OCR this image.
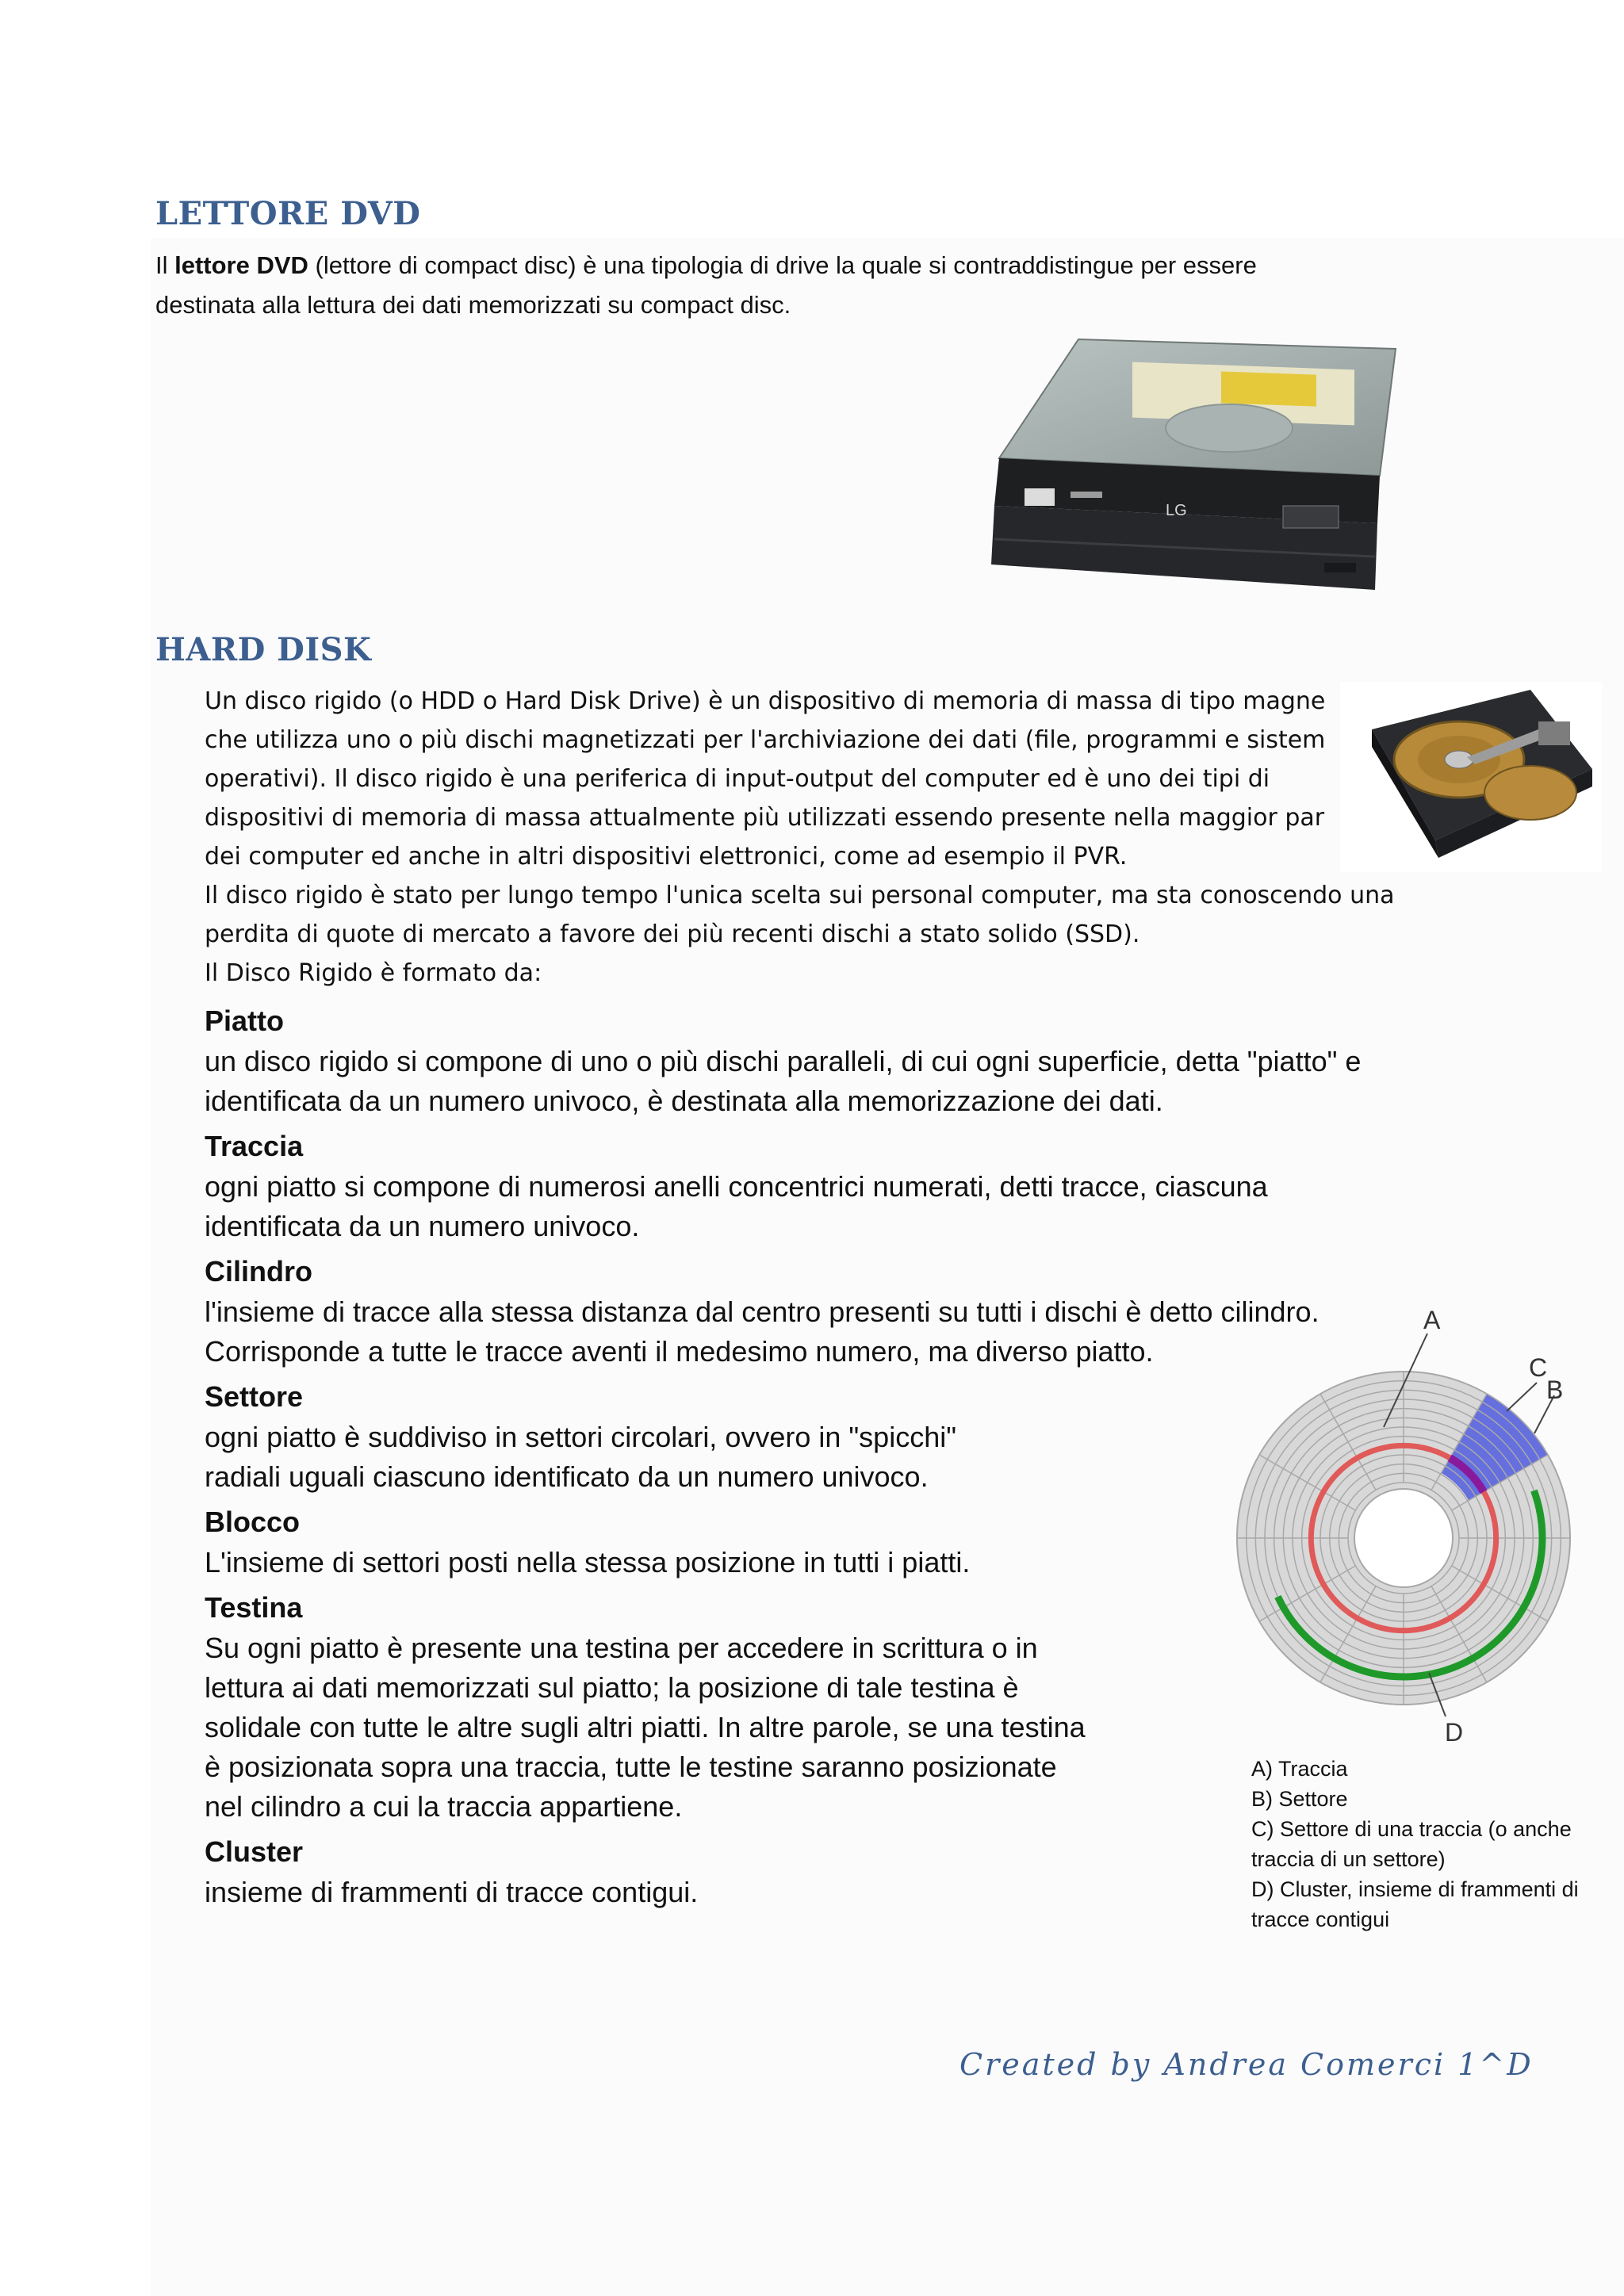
LETTORE DVD

Il lettore DVD (lettore di compact disc) è una tipologia di drive la quale si contraddistingue per essere
destinata alla lettura dei dati memorizzati su compact disc.

LG
HARD DISK
Un disco rigido (o HDD o Hard Disk Drive) è un dispositivo di memoria di massa di tipo magne
che utilizza uno o più dischi magnetizzati per l'archiviazione dei dati (file, programmi e sistem
operativi). Il disco rigido è una periferica di input-output del computer ed è uno dei tipi di
dispositivi di memoria di massa attualmente più utilizzati essendo presente nella maggior par
dei computer ed anche in altri dispositivi elettronici, come ad esempio il PVR.
Il disco rigido è stato per lungo tempo l'unica scelta sui personal computer, ma sta conoscendo una
perdita di quote di mercato a favore dei più recenti dischi a stato solido (SSD).
Il Disco Rigido è formato da:

Piatto

un disco rigido si compone di uno o più dischi paralleli, di cui ogni superficie, detta "piatto" e
identificata da un numero univoco, è destinata alla memorizzazione dei dati.

Traccia

ogni piatto si compone di numerosi anelli concentrici numerati, detti tracce, ciascuna
identificata da un numero univoco.

Cilindro

l'insieme di tracce alla stessa distanza dal centro presenti su tutti i dischi è detto cilindro.
Corrisponde a tutte le tracce aventi il medesimo numero, ma diverso piatto.

Settore

ogni piatto è suddiviso in settori circolari, ovvero in "spicchi"
radiali uguali ciascuno identificato da un numero univoco.

Blocco

L'insieme di settori posti nella stessa posizione in tutti i piatti.

Testina

Su ogni piatto è presente una testina per accedere in scrittura o in
lettura ai dati memorizzati sul piatto; la posizione di tale testina è
solidale con tutte le altre sugli altri piatti. In altre parole, se una testina
è posizionata sopra una traccia, tutte le testine saranno posizionate
nel cilindro a cui la traccia appartiene.

Cluster

insieme di frammenti di tracce contigui.

A
C
B
D
A) Traccia
B) Settore
C) Settore di una traccia (o anche
traccia di un settore)
D) Cluster, insieme di frammenti di
tracce contigui

Created by Andrea Comerci 1^D
